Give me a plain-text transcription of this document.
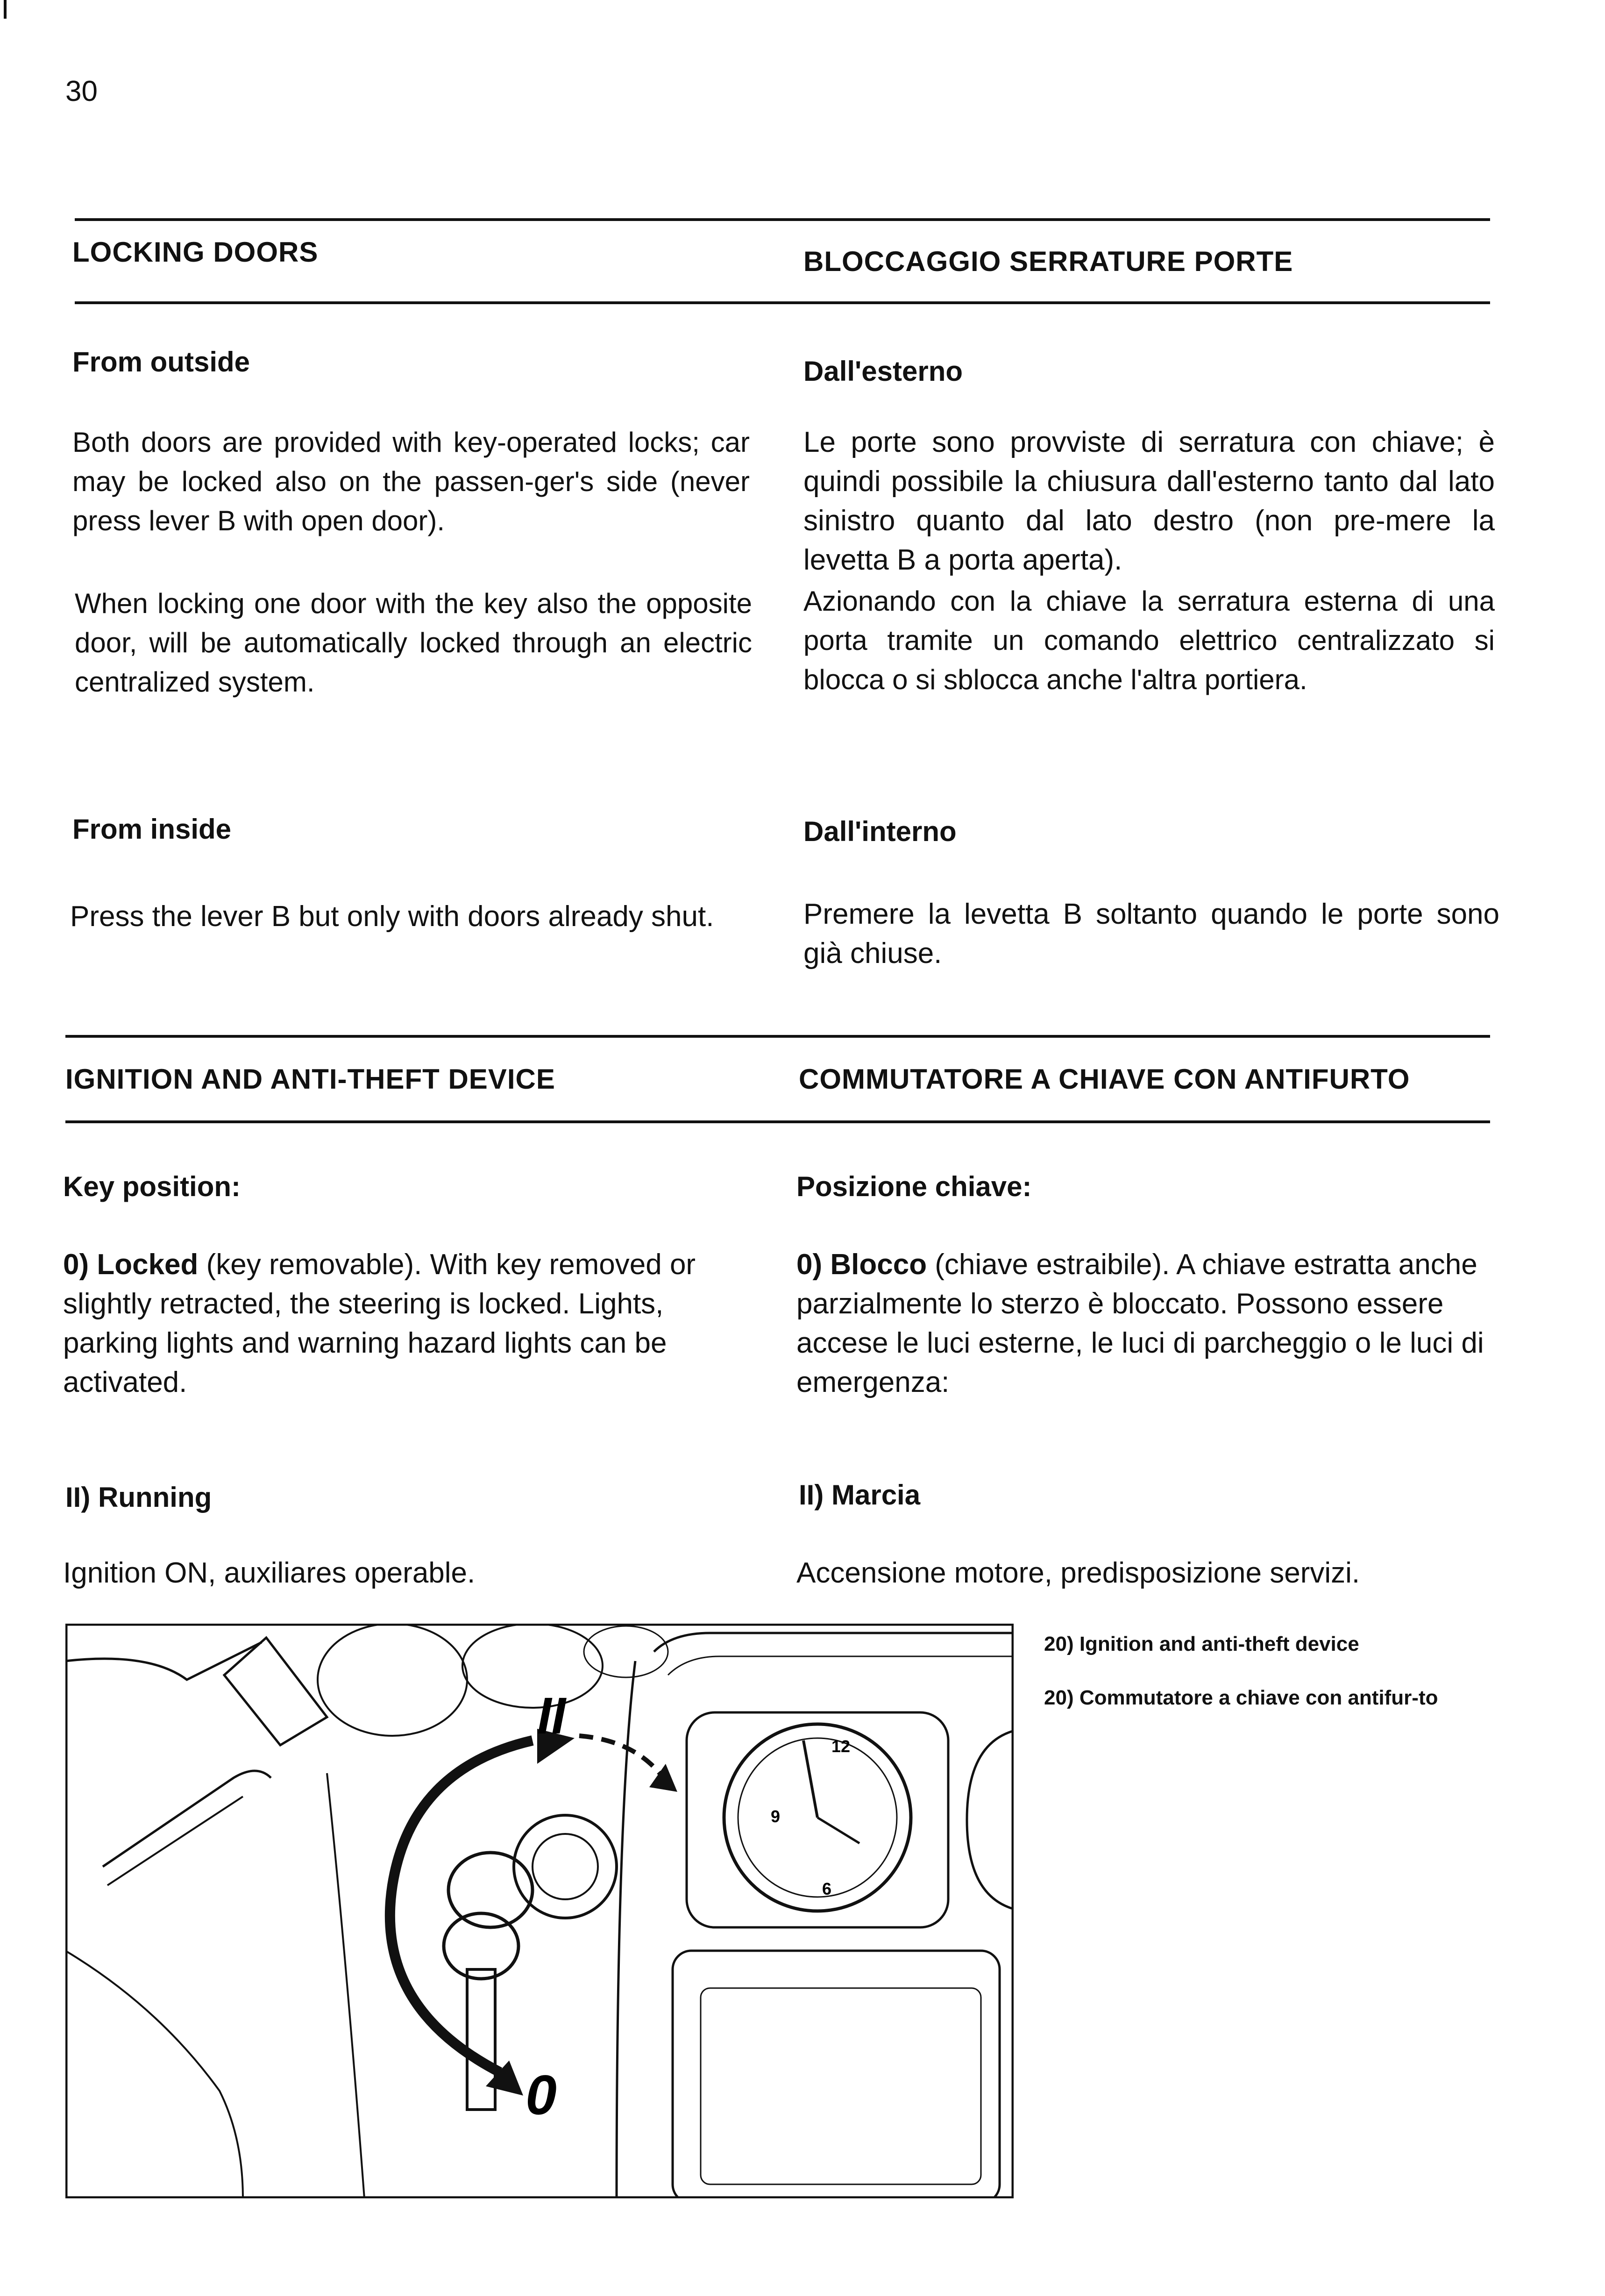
30
LOCKING DOORS	BLOCCAGGIO SERRATURE PORTE
From outside	Dall'esterno
Both doors are provided with key-operated locks; car may be locked also on the passen-ger's side (never press lever B with open door).
When locking one door with the key also the opposite door, will be automatically locked through an electric centralized system.
Le porte sono provviste di serratura con chiave; è quindi possibile la chiusura dall'esterno tanto dal lato sinistro quanto dal lato destro (non pre-mere la levetta B a porta aperta).
Azionando con la chiave la serratura esterna di una porta tramite un comando elettrico centralizzato si blocca o si sblocca anche l'altra portiera.
From inside	Dall'interno
Press the lever B but only with doors already shut.	Premere la levetta B soltanto quando le porte sono già chiuse.
IGNITION AND ANTI-THEFT DEVICE	COMMUTATORE A CHIAVE CON ANTIFURTO
Key position:	Posizione chiave:
0) Locked (key removable). With key removed or slightly retracted, the steering is locked. Lights, parking lights and warning hazard lights can be activated.
0) Blocco (chiave estraibile). A chiave estratta anche parzialmente lo sterzo è bloccato. Possono essere accese le luci esterne, le luci di parcheggio o le luci di emergenza:
II) Running	II) Marcia
Ignition ON, auxiliares operable.	Accensione motore, predisposizione servizi.
20) Ignition and anti-theft device
20) Commutatore a chiave con antifur-to
12
9
6
II
0
